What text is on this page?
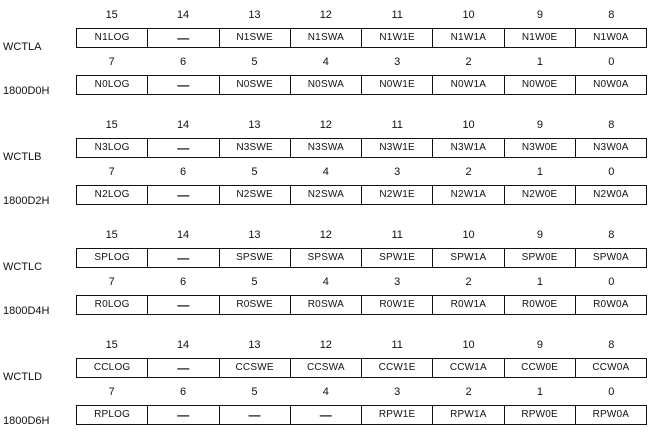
WCTLA
1800D0H
15	14	13	12	11	10	9	8
N1LOG	—	N1SWE	N1SWA	N1W1E	N1W1A	N1W0E	N1W0A
7	6	5	4	3	2	1	0
N0LOG	—	N0SWE	N0SWA	N0W1E	N0W1A	N0W0E	N0W0A
WCTLB
1800D2H
15	14	13	12	11	10	9	8
N3LOG	—	N3SWE	N3SWA	N3W1E	N3W1A	N3W0E	N3W0A
7	6	5	4	3	2	1	0
N2LOG	—	N2SWE	N2SWA	N2W1E	N2W1A	N2W0E	N2W0A
WCTLC
1800D4H
15	14	13	12	11	10	9	8
SPLOG	—	SPSWE	SPSWA	SPW1E	SPW1A	SPW0E	SPW0A
7	6	5	4	3	2	1	0
R0LOG	—	R0SWE	R0SWA	R0W1E	R0W1A	R0W0E	R0W0A
WCTLD
1800D6H
15	14	13	12	11	10	9	8
CCLOG	—	CCSWE	CCSWA	CCW1E	CCW1A	CCW0E	CCW0A
7	6	5	4	3	2	1	0
RPLOG	—	—	—	RPW1E	RPW1A	RPW0E	RPW0A
